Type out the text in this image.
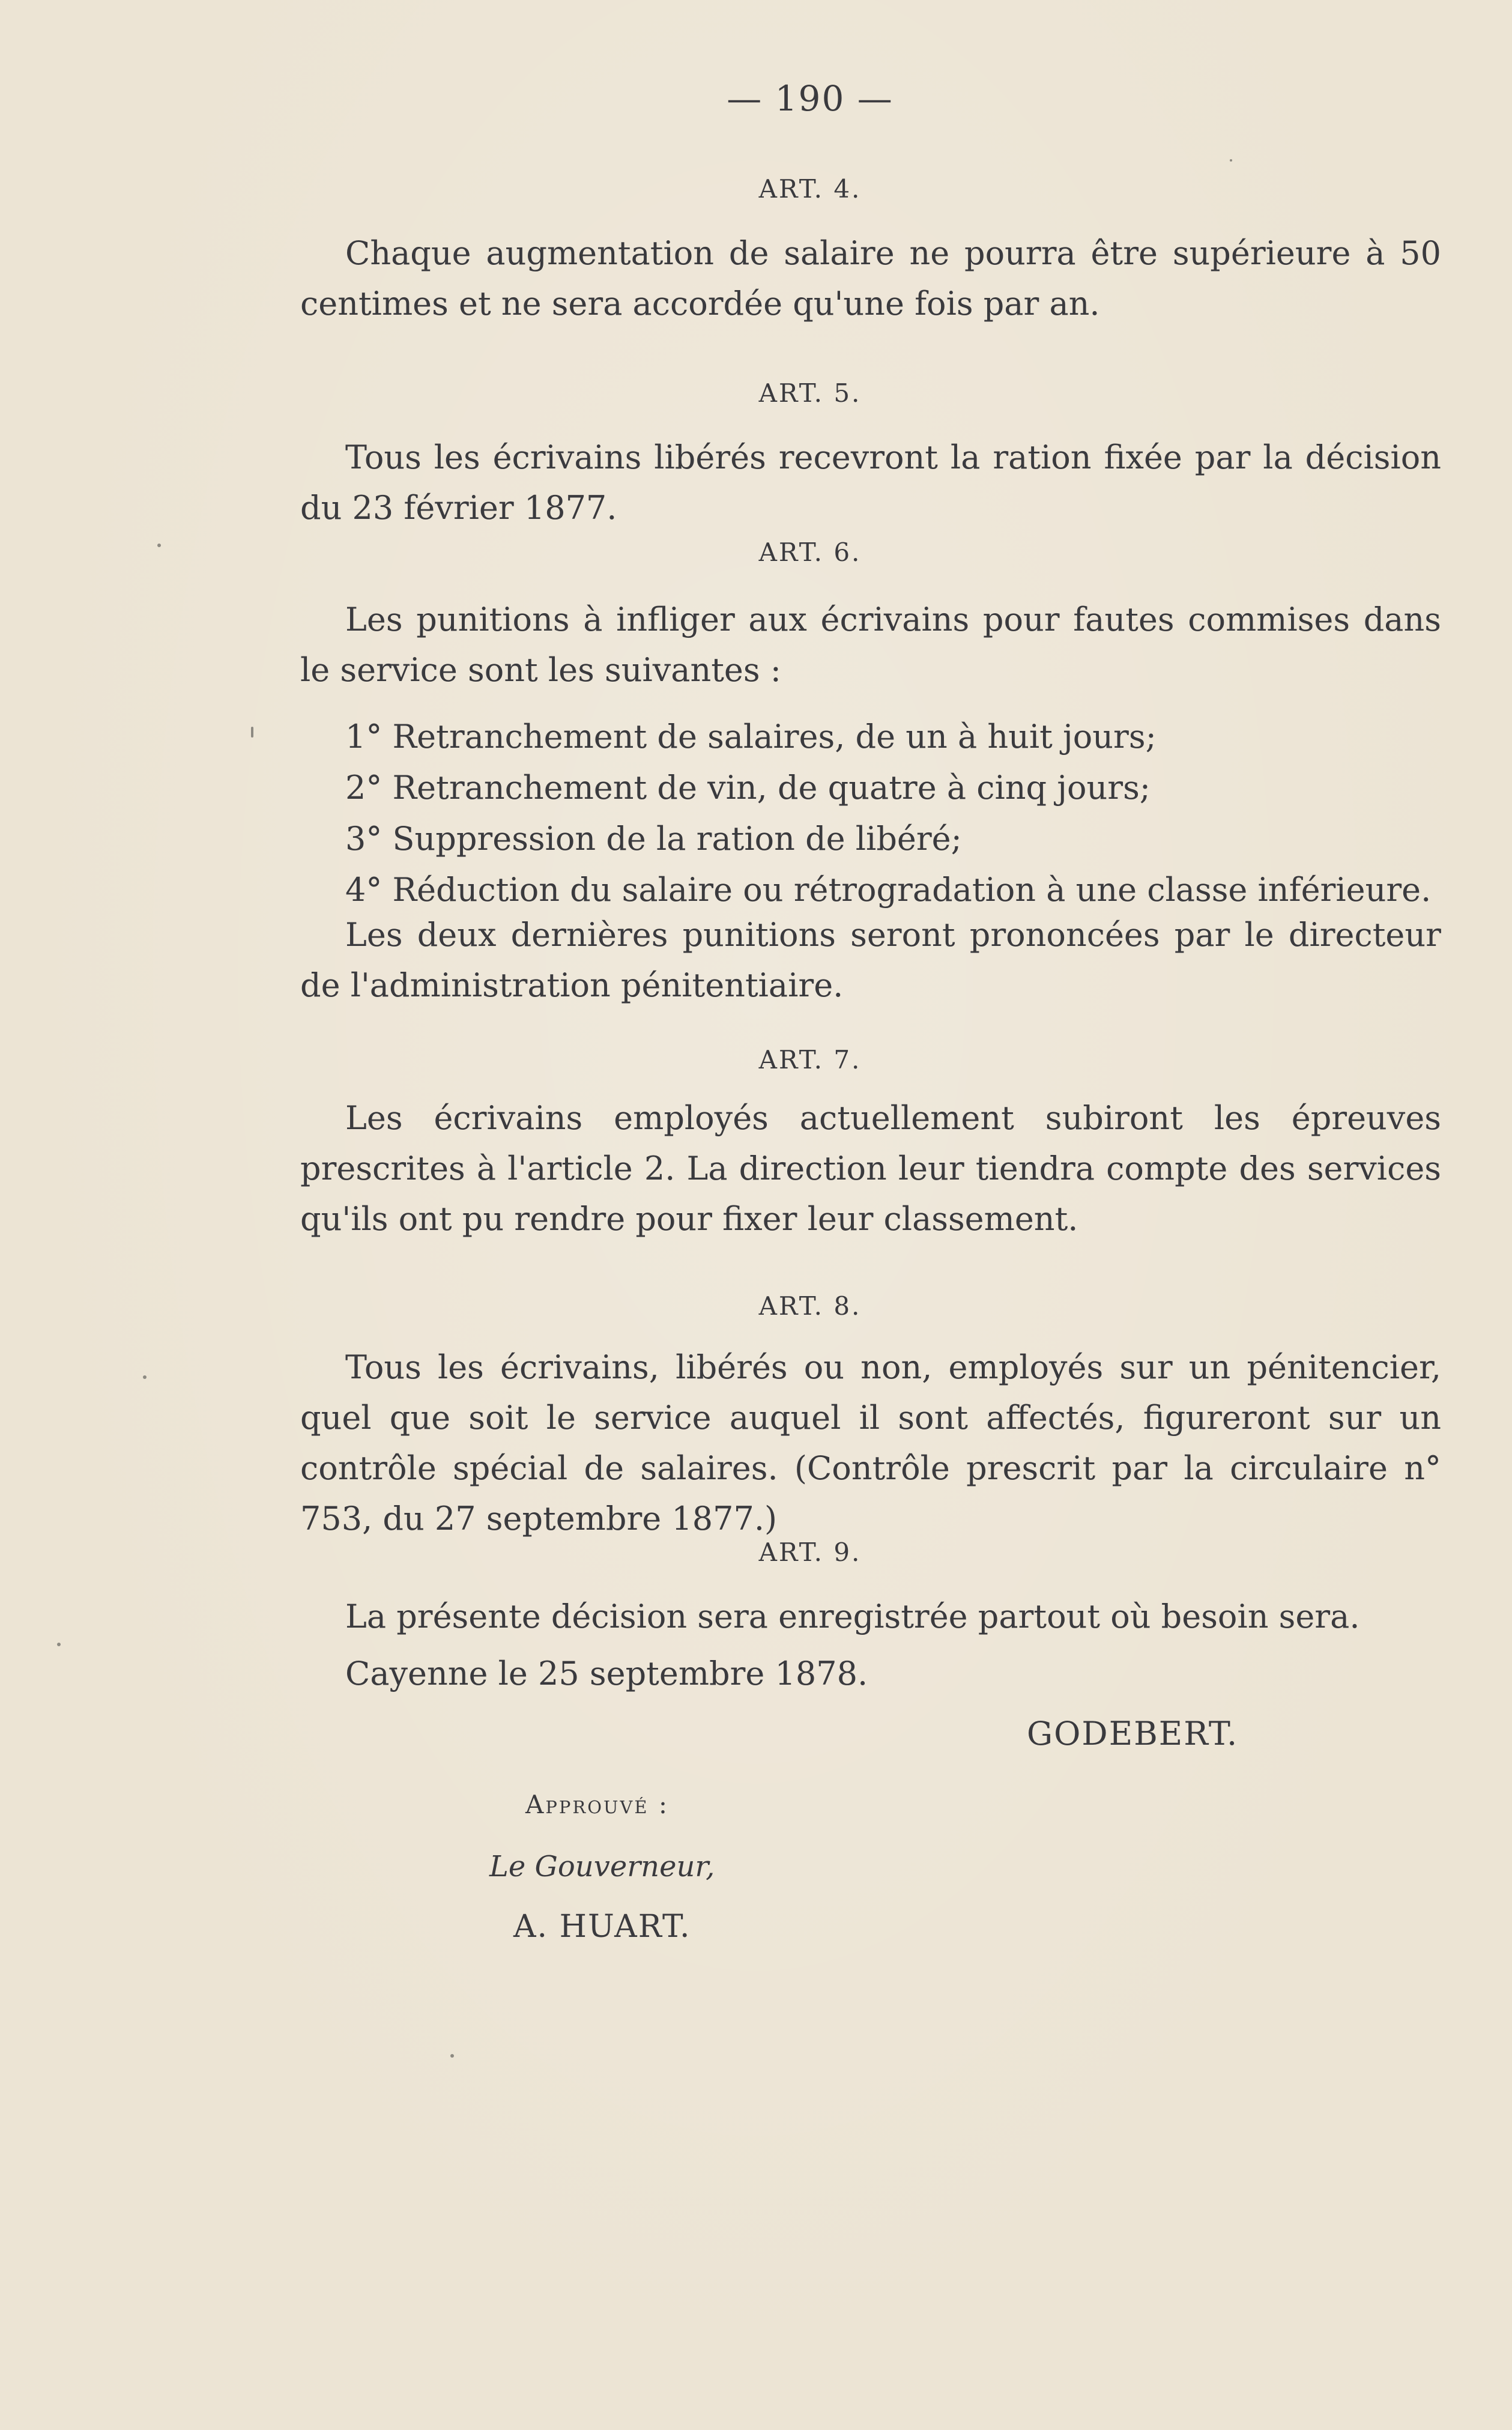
— 190 —
ART. 4.

Chaque augmentation de salaire ne pourra être supérieure à 50 centimes et ne sera accordée qu'une fois par an.

ART. 5.

Tous les écrivains libérés recevront la ration fixée par la décision du 23 février 1877.

ART. 6.

Les punitions à infliger aux écrivains pour fautes commises dans le service sont les suivantes :

1° Retranchement de salaires, de un à huit jours;
2° Retranchement de vin, de quatre à cinq jours;
3° Suppression de la ration de libéré;
4° Réduction du salaire ou rétrogradation à une classe inférieure.

Les deux dernières punitions seront prononcées par le directeur de l'administration pénitentiaire.

ART. 7.

Les écrivains employés actuellement subiront les épreuves prescrites à l'article 2. La direction leur tiendra compte des services qu'ils ont pu rendre pour fixer leur classement.

ART. 8.

Tous les écrivains, libérés ou non, employés sur un pénitencier, quel que soit le service auquel il sont affectés, figureront sur un contrôle spécial de salaires. (Contrôle prescrit par la circulaire n° 753, du 27 septembre 1877.)

ART. 9.
La présente décision sera enregistrée partout où besoin sera.
Cayenne le 25 septembre 1878.
GODEBERT.
Approuvé :
Le Gouverneur,
A. HUART.
